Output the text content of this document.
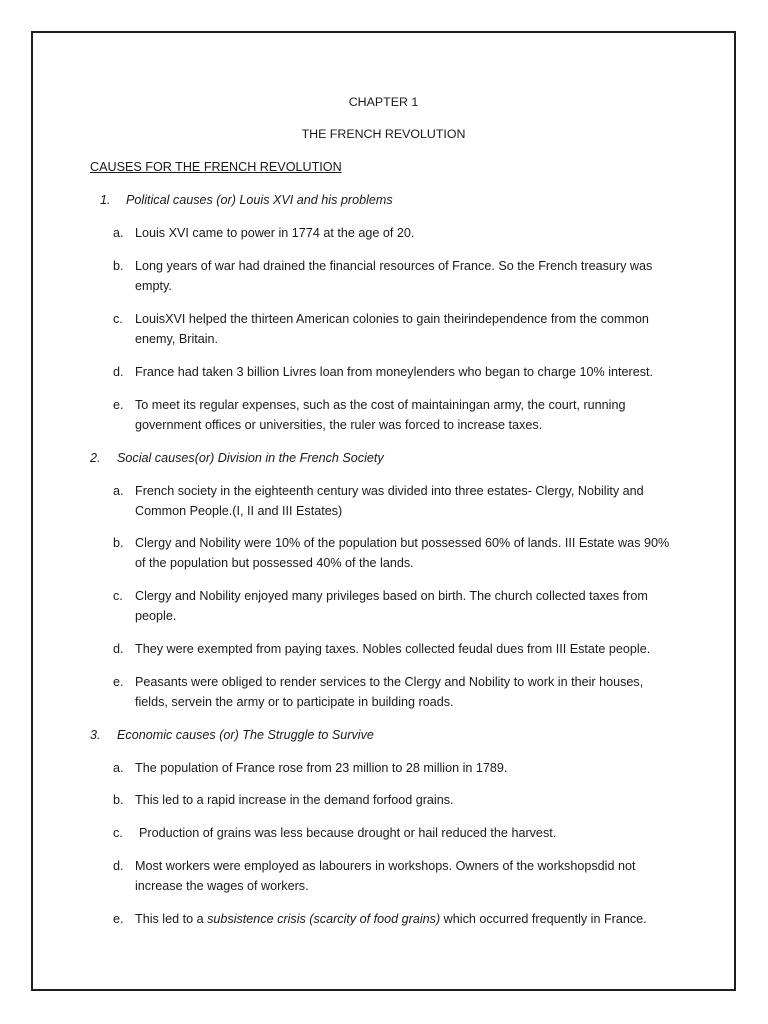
CHAPTER 1
THE FRENCH REVOLUTION
CAUSES FOR THE FRENCH REVOLUTION
1. Political causes (or) Louis XVI and his problems
a. Louis XVI came to power in 1774 at the age of 20.
b. Long years of war had drained the financial resources of France. So the French treasury was
empty.
c. LouisXVI helped the thirteen American colonies to gain theirindependence from the common
enemy, Britain.
d. France had taken 3 billion Livres loan from moneylenders who began to charge 10% interest.
e. To meet its regular expenses, such as the cost of maintainingan army, the court, running
government offices or universities, the ruler was forced to increase taxes.
2. Social causes(or) Division in the French Society
a. French society in the eighteenth century was divided into three estates- Clergy, Nobility and
Common People.(I, II and III Estates)
b. Clergy and Nobility were 10% of the population but possessed 60% of lands. III Estate was 90%
of the population but possessed 40% of the lands.
c. Clergy and Nobility enjoyed many privileges based on birth. The church collected taxes from
people.
d. They were exempted from paying taxes. Nobles collected feudal dues from III Estate people.
e. Peasants were obliged to render services to the Clergy and Nobility to work in their houses,
fields, servein the army or to participate in building roads.
3. Economic causes (or) The Struggle to Survive
a. The population of France rose from 23 million to 28 million in 1789.
b. This led to a rapid increase in the demand forfood grains.
c. Production of grains was less because drought or hail reduced the harvest.
d. Most workers were employed as labourers in workshops. Owners of the workshopsdid not
increase the wages of workers.
e. This led to a subsistence crisis (scarcity of food grains) which occurred frequently in France.
